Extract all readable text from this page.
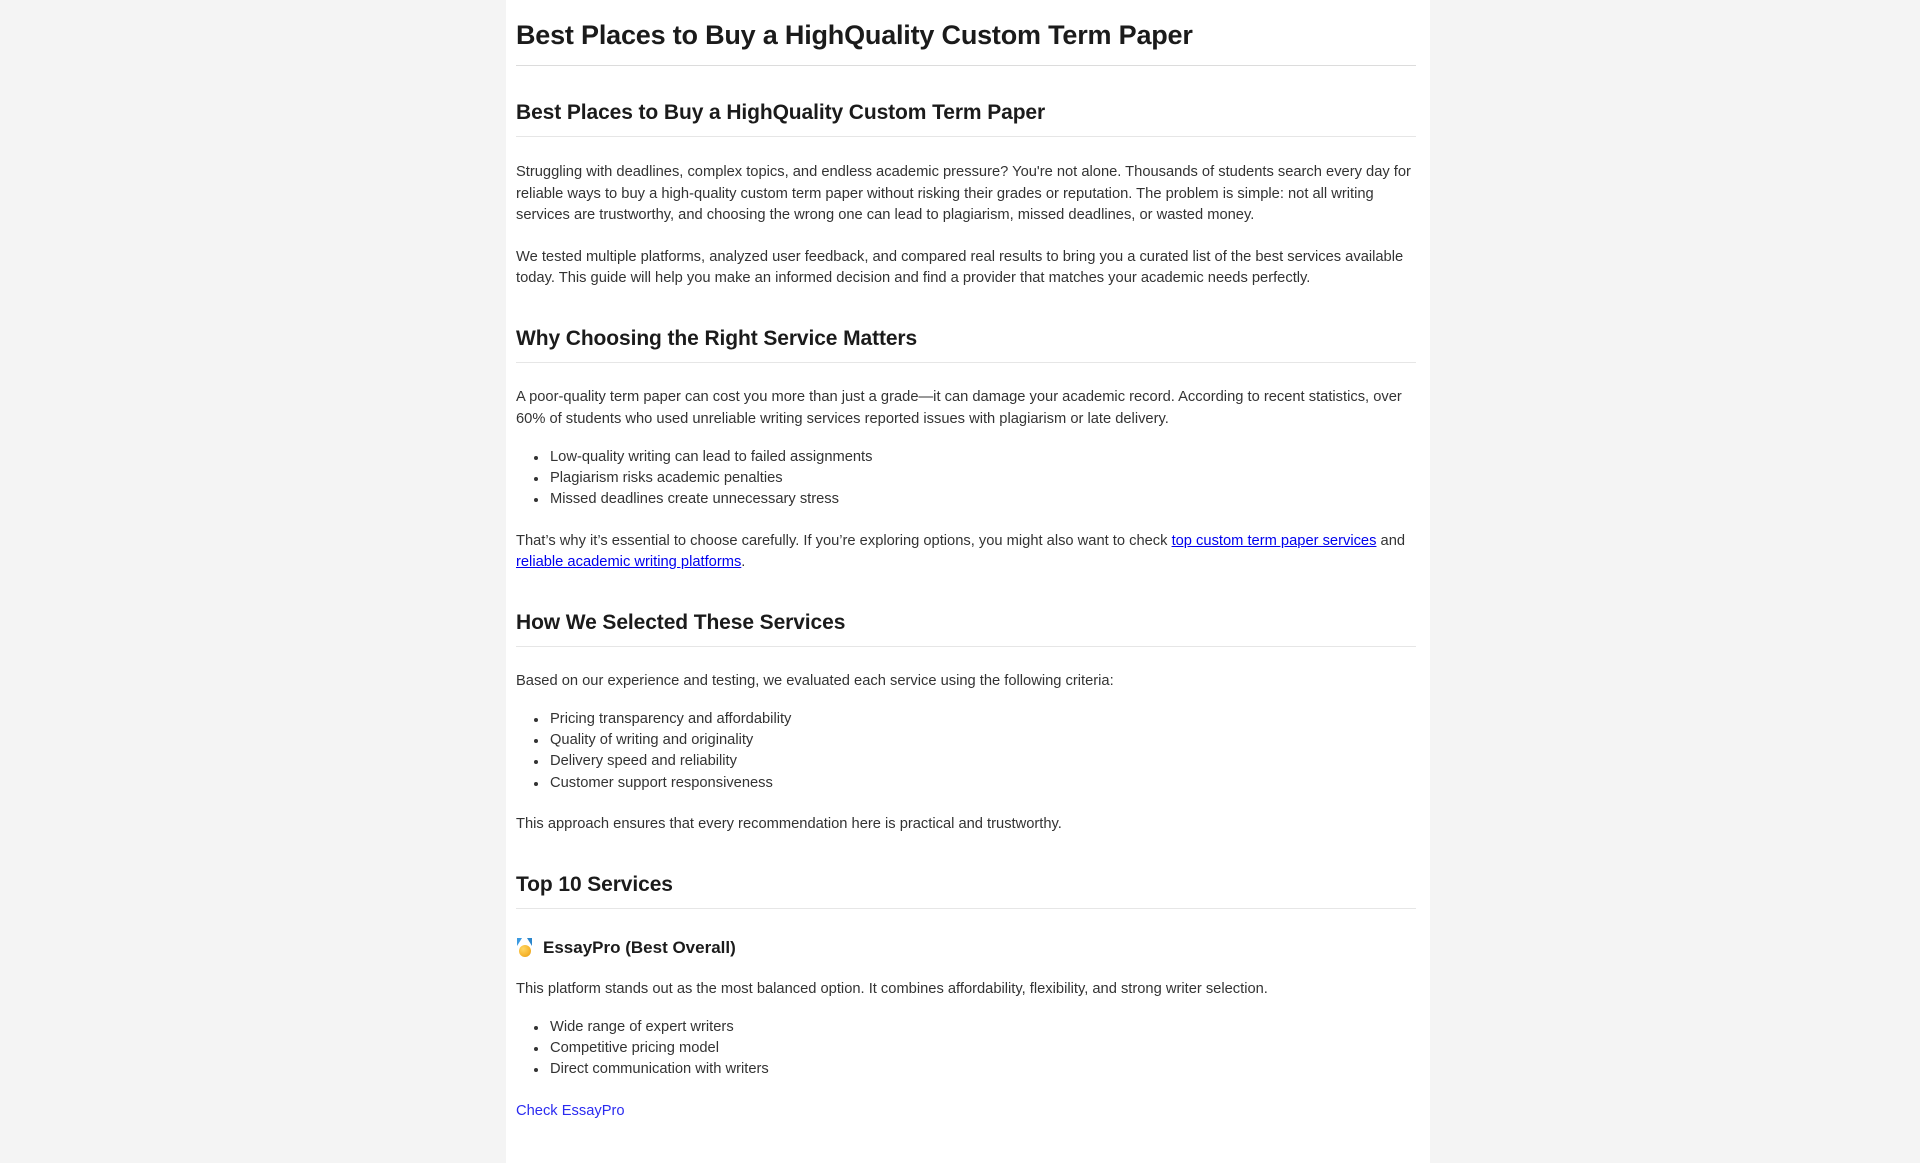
Best Places to Buy a HighQuality Custom Term Paper
Best Places to Buy a HighQuality Custom Term Paper

Struggling with deadlines, complex topics, and endless academic pressure? You're not alone. Thousands of students search every day for reliable ways to buy a high-quality custom term paper without risking their grades or reputation. The problem is simple: not all writing services are trustworthy, and choosing the wrong one can lead to plagiarism, missed deadlines, or wasted money.

We tested multiple platforms, analyzed user feedback, and compared real results to bring you a curated list of the best services available today. This guide will help you make an informed decision and find a provider that matches your academic needs perfectly.

Why Choosing the Right Service Matters

A poor-quality term paper can cost you more than just a grade—it can damage your academic record. According to recent statistics, over 60% of students who used unreliable writing services reported issues with plagiarism or late delivery.

• Low-quality writing can lead to failed assignments
• Plagiarism risks academic penalties
• Missed deadlines create unnecessary stress

That’s why it’s essential to choose carefully. If you’re exploring options, you might also want to check top custom term paper services and reliable academic writing platforms.

How We Selected These Services

Based on our experience and testing, we evaluated each service using the following criteria:

• Pricing transparency and affordability
• Quality of writing and originality
• Delivery speed and reliability
• Customer support responsiveness

This approach ensures that every recommendation here is practical and trustworthy.

Top 10 Services
EssayPro (Best Overall)

This platform stands out as the most balanced option. It combines affordability, flexibility, and strong writer selection.

• Wide range of expert writers
• Competitive pricing model
• Direct communication with writers
Check EssayPro
